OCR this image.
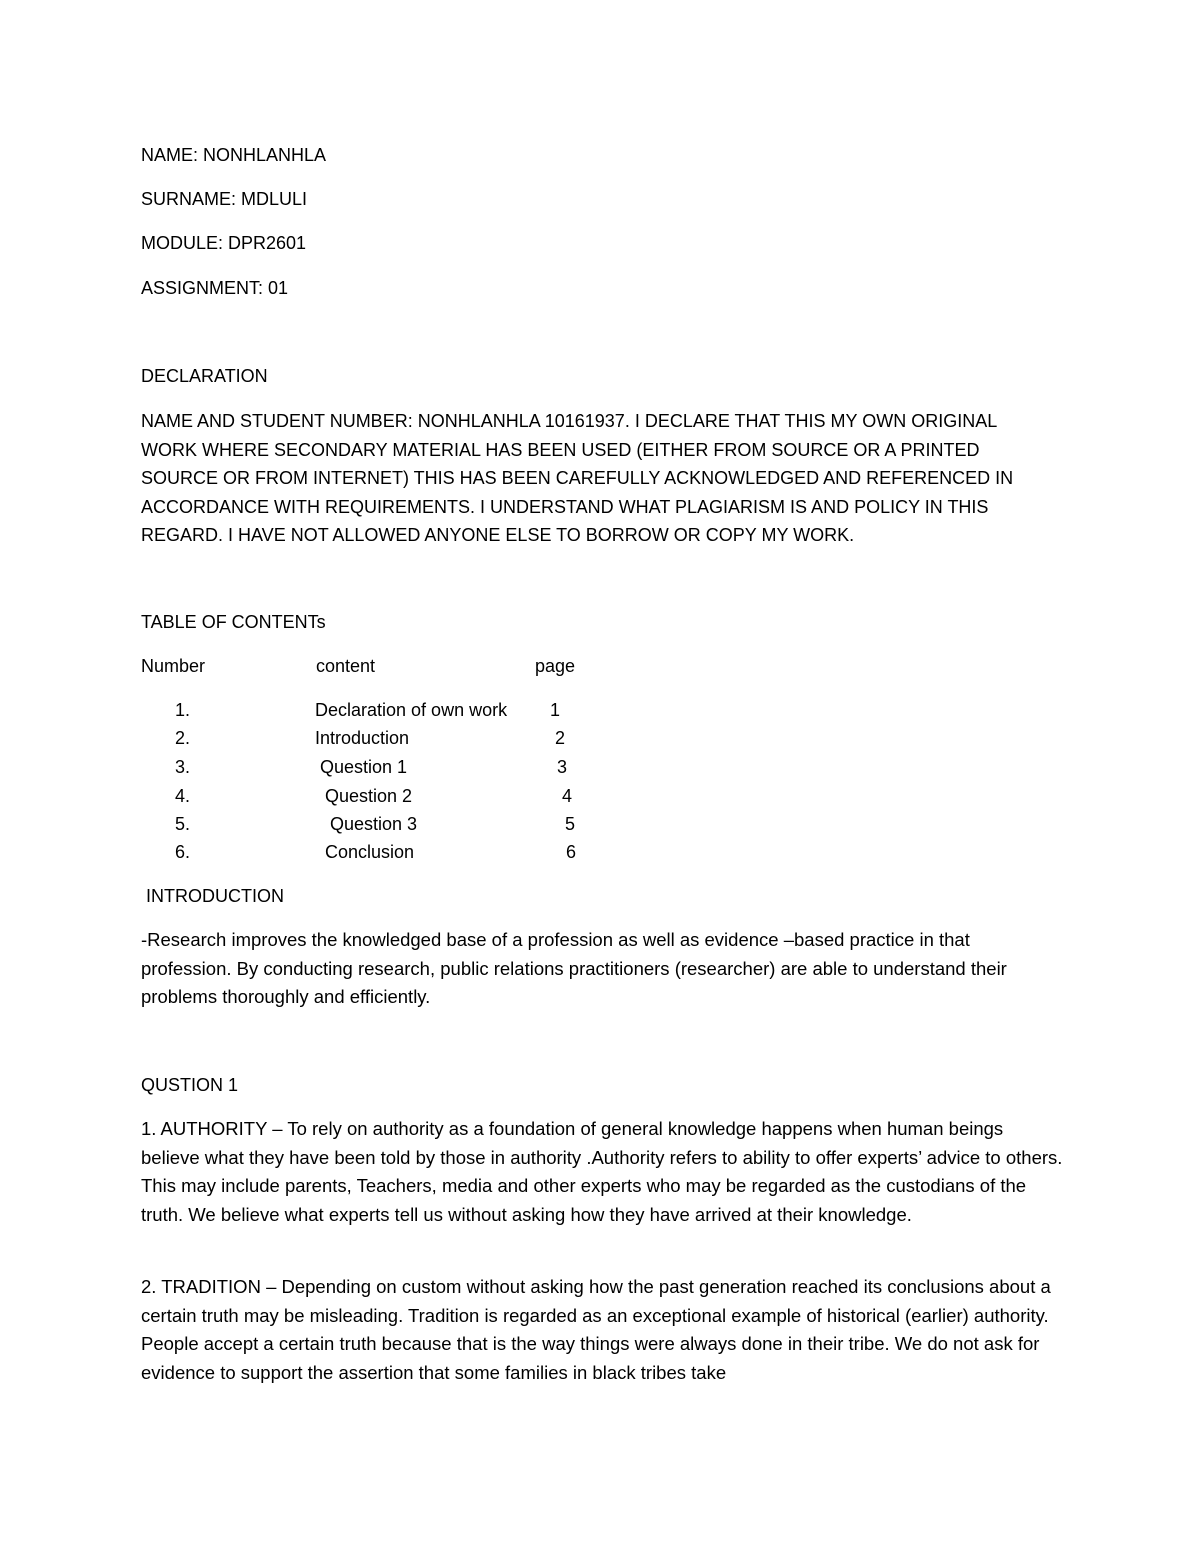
NAME: NONHLANHLA
SURNAME: MDLULI
MODULE: DPR2601
ASSIGNMENT: 01
DECLARATION
NAME AND STUDENT NUMBER: NONHLANHLA 10161937. I DECLARE THAT THIS MY OWN ORIGINAL WORK WHERE SECONDARY MATERIAL HAS BEEN USED (EITHER FROM SOURCE OR A PRINTED SOURCE OR FROM INTERNET) THIS HAS BEEN CAREFULLY ACKNOWLEDGED AND REFERENCED IN ACCORDANCE WITH REQUIREMENTS. I UNDERSTAND WHAT PLAGIARISM IS AND POLICY IN THIS REGARD. I HAVE NOT ALLOWED ANYONE ELSE TO BORROW OR COPY MY WORK.
TABLE OF CONTENTs
Number	content	page
1.	Declaration of own work 1
2.	Introduction	2
3.	Question 1	3
4.	Question 2	4
5.	Question 3	5
6.	Conclusion	6
INTRODUCTION
-Research improves the knowledged base of a profession as well as evidence –based practice in that profession. By conducting research, public relations practitioners (researcher) are able to understand their problems thoroughly and efficiently.
QUSTION 1
1. AUTHORITY – To rely on authority as a foundation of general knowledge happens when human beings believe what they have been told by those in authority .Authority refers to ability to offer experts’ advice to others. This may include parents, Teachers, media and other experts who may be regarded as the custodians of the truth. We believe what experts tell us without asking how they have arrived at their knowledge.
2. TRADITION – Depending on custom without asking how the past generation reached its conclusions about a certain truth may be misleading. Tradition is regarded as an exceptional example of historical (earlier) authority. People accept a certain truth because that is the way things were always done in their tribe. We do not ask for evidence to support the assertion that some families in black tribes take
